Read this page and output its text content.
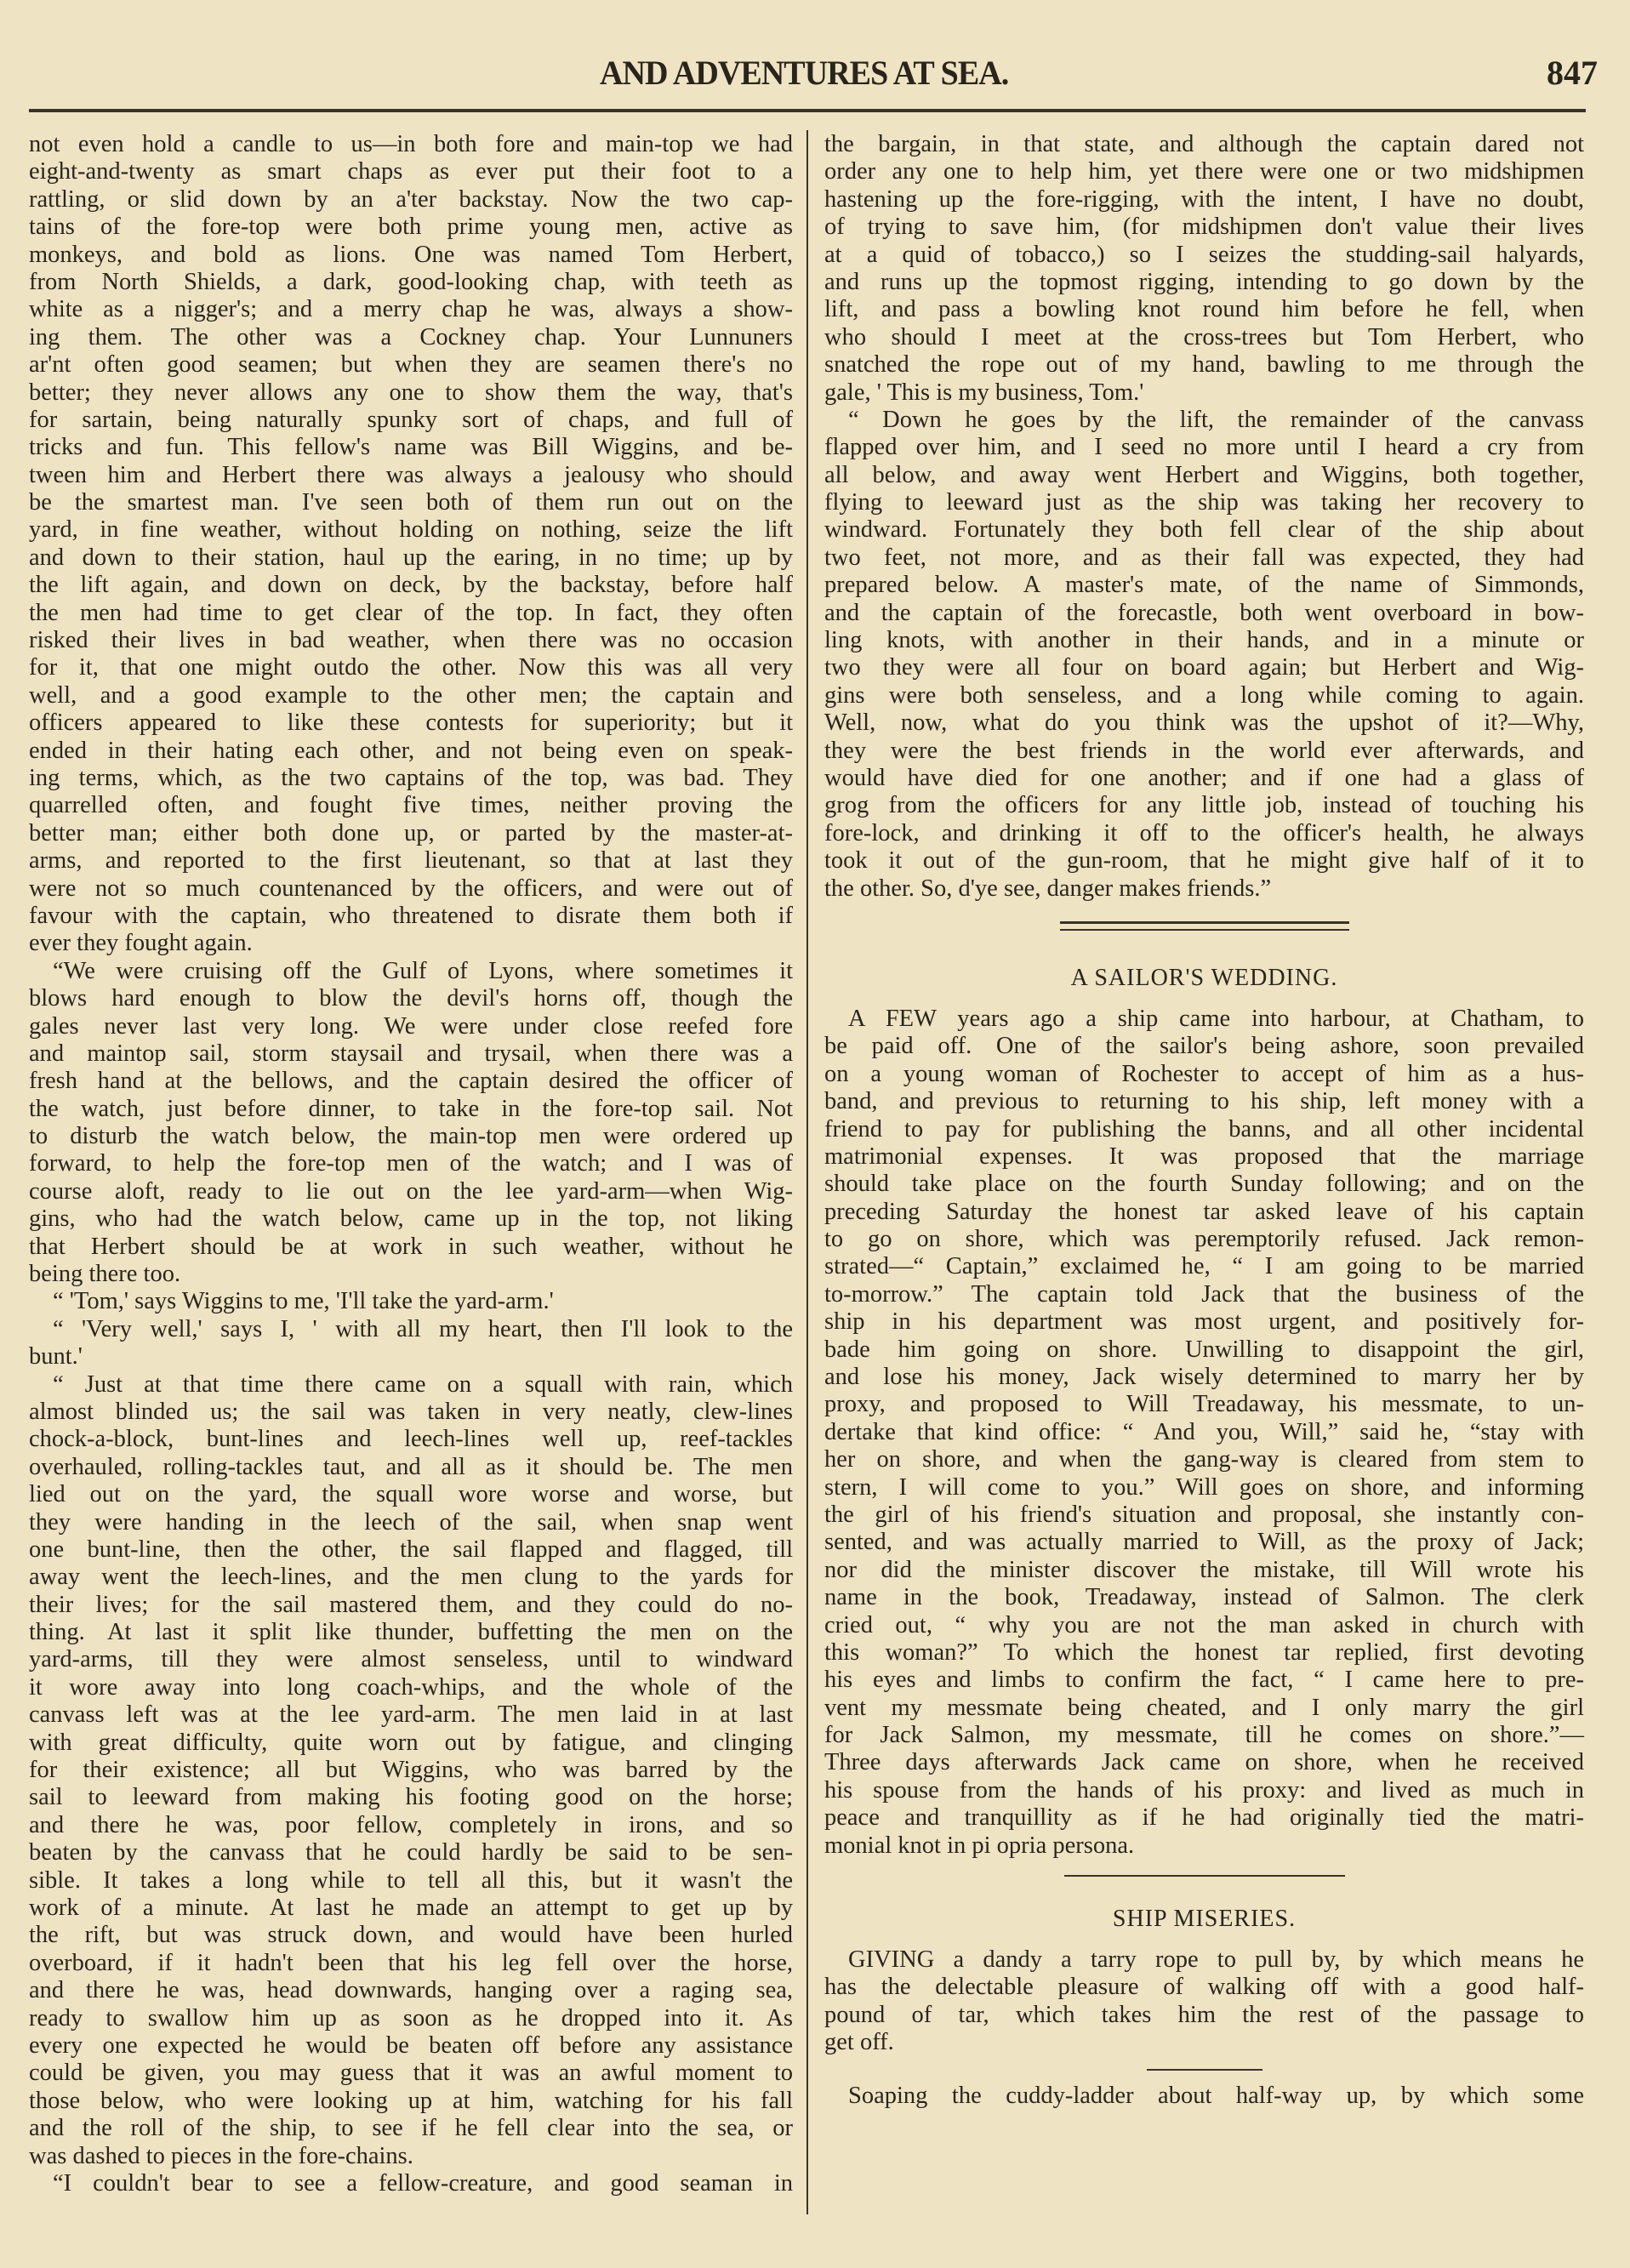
AND ADVENTURES AT SEA.	847
not even hold a candle to us—in both fore and main-top we had
eight-and-twenty as smart chaps as ever put their foot to a
rattling, or slid down by an a'ter backstay. Now the two cap-
tains of the fore-top were both prime young men, active as
monkeys, and bold as lions. One was named Tom Herbert,
from North Shields, a dark, good-looking chap, with teeth as
white as a nigger's; and a merry chap he was, always a show-
ing them. The other was a Cockney chap. Your Lunnuners
ar'nt often good seamen; but when they are seamen there's no
better; they never allows any one to show them the way, that's
for sartain, being naturally spunky sort of chaps, and full of
tricks and fun. This fellow's name was Bill Wiggins, and be-
tween him and Herbert there was always a jealousy who should
be the smartest man. I've seen both of them run out on the
yard, in fine weather, without holding on nothing, seize the lift
and down to their station, haul up the earing, in no time; up by
the lift again, and down on deck, by the backstay, before half
the men had time to get clear of the top. In fact, they often
risked their lives in bad weather, when there was no occasion
for it, that one might outdo the other. Now this was all very
well, and a good example to the other men; the captain and
officers appeared to like these contests for superiority; but it
ended in their hating each other, and not being even on speak-
ing terms, which, as the two captains of the top, was bad. They
quarrelled often, and fought five times, neither proving the
better man; either both done up, or parted by the master-at-
arms, and reported to the first lieutenant, so that at last they
were not so much countenanced by the officers, and were out of
favour with the captain, who threatened to disrate them both if
ever they fought again.
“We were cruising off the Gulf of Lyons, where sometimes it
blows hard enough to blow the devil's horns off, though the
gales never last very long. We were under close reefed fore
and maintop sail, storm staysail and trysail, when there was a
fresh hand at the bellows, and the captain desired the officer of
the watch, just before dinner, to take in the fore-top sail. Not
to disturb the watch below, the main-top men were ordered up
forward, to help the fore-top men of the watch; and I was of
course aloft, ready to lie out on the lee yard-arm—when Wig-
gins, who had the watch below, came up in the top, not liking
that Herbert should be at work in such weather, without he
being there too.
“ 'Tom,' says Wiggins to me, 'I'll take the yard-arm.'
“ 'Very well,' says I, ' with all my heart, then I'll look to the
bunt.'
“ Just at that time there came on a squall with rain, which
almost blinded us; the sail was taken in very neatly, clew-lines
chock-a-block, bunt-lines and leech-lines well up, reef-tackles
overhauled, rolling-tackles taut, and all as it should be. The men
lied out on the yard, the squall wore worse and worse, but
they were handing in the leech of the sail, when snap went
one bunt-line, then the other, the sail flapped and flagged, till
away went the leech-lines, and the men clung to the yards for
their lives; for the sail mastered them, and they could do no-
thing. At last it split like thunder, buffetting the men on the
yard-arms, till they were almost senseless, until to windward
it wore away into long coach-whips, and the whole of the
canvass left was at the lee yard-arm. The men laid in at last
with great difficulty, quite worn out by fatigue, and clinging
for their existence; all but Wiggins, who was barred by the
sail to leeward from making his footing good on the horse;
and there he was, poor fellow, completely in irons, and so
beaten by the canvass that he could hardly be said to be sen-
sible. It takes a long while to tell all this, but it wasn't the
work of a minute. At last he made an attempt to get up by
the rift, but was struck down, and would have been hurled
overboard, if it hadn't been that his leg fell over the horse,
and there he was, head downwards, hanging over a raging sea,
ready to swallow him up as soon as he dropped into it. As
every one expected he would be beaten off before any assistance
could be given, you may guess that it was an awful moment to
those below, who were looking up at him, watching for his fall
and the roll of the ship, to see if he fell clear into the sea, or
was dashed to pieces in the fore-chains.
“I couldn't bear to see a fellow-creature, and good seaman in
the bargain, in that state, and although the captain dared not
order any one to help him, yet there were one or two midshipmen
hastening up the fore-rigging, with the intent, I have no doubt,
of trying to save him, (for midshipmen don't value their lives
at a quid of tobacco,) so I seizes the studding-sail halyards,
and runs up the topmost rigging, intending to go down by the
lift, and pass a bowling knot round him before he fell, when
who should I meet at the cross-trees but Tom Herbert, who
snatched the rope out of my hand, bawling to me through the
gale, ' This is my business, Tom.'
“ Down he goes by the lift, the remainder of the canvass
flapped over him, and I seed no more until I heard a cry from
all below, and away went Herbert and Wiggins, both together,
flying to leeward just as the ship was taking her recovery to
windward. Fortunately they both fell clear of the ship about
two feet, not more, and as their fall was expected, they had
prepared below. A master's mate, of the name of Simmonds,
and the captain of the forecastle, both went overboard in bow-
ling knots, with another in their hands, and in a minute or
two they were all four on board again; but Herbert and Wig-
gins were both senseless, and a long while coming to again.
Well, now, what do you think was the upshot of it?—Why,
they were the best friends in the world ever afterwards, and
would have died for one another; and if one had a glass of
grog from the officers for any little job, instead of touching his
fore-lock, and drinking it off to the officer's health, he always
took it out of the gun-room, that he might give half of it to
the other. So, d'ye see, danger makes friends.”
A SAILOR'S WEDDING.
A FEW years ago a ship came into harbour, at Chatham, to
be paid off. One of the sailor's being ashore, soon prevailed
on a young woman of Rochester to accept of him as a hus-
band, and previous to returning to his ship, left money with a
friend to pay for publishing the banns, and all other incidental
matrimonial expenses. It was proposed that the marriage
should take place on the fourth Sunday following; and on the
preceding Saturday the honest tar asked leave of his captain
to go on shore, which was peremptorily refused. Jack remon-
strated—“ Captain,” exclaimed he, “ I am going to be married
to-morrow.” The captain told Jack that the business of the
ship in his department was most urgent, and positively for-
bade him going on shore. Unwilling to disappoint the girl,
and lose his money, Jack wisely determined to marry her by
proxy, and proposed to Will Treadaway, his messmate, to un-
dertake that kind office: “ And you, Will,” said he, “stay with
her on shore, and when the gang-way is cleared from stem to
stern, I will come to you.” Will goes on shore, and informing
the girl of his friend's situation and proposal, she instantly con-
sented, and was actually married to Will, as the proxy of Jack;
nor did the minister discover the mistake, till Will wrote his
name in the book, Treadaway, instead of Salmon. The clerk
cried out, “ why you are not the man asked in church with
this woman?” To which the honest tar replied, first devoting
his eyes and limbs to confirm the fact, “ I came here to pre-
vent my messmate being cheated, and I only marry the girl
for Jack Salmon, my messmate, till he comes on shore.”—
Three days afterwards Jack came on shore, when he received
his spouse from the hands of his proxy: and lived as much in
peace and tranquillity as if he had originally tied the matri-
monial knot in pi opria persona.
SHIP MISERIES.
GIVING a dandy a tarry rope to pull by, by which means he
has the delectable pleasure of walking off with a good half-
pound of tar, which takes him the rest of the passage to
get off.
Soaping the cuddy-ladder about half-way up, by which some
